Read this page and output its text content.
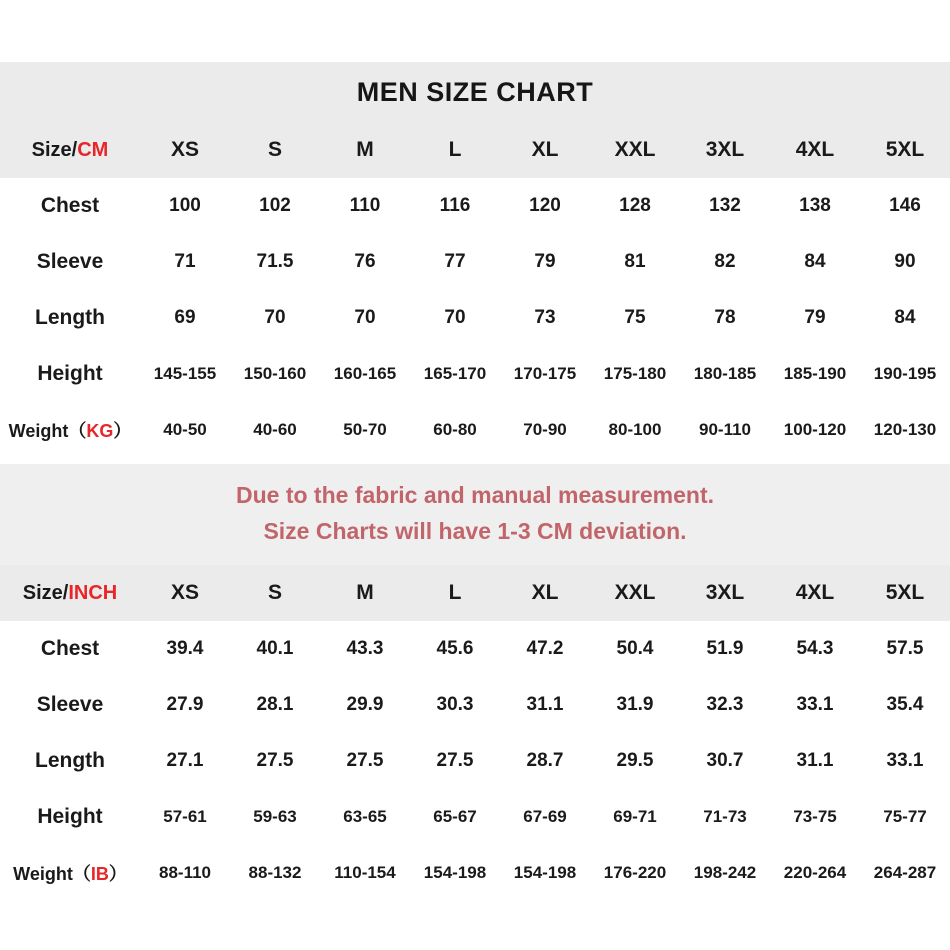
MEN SIZE CHART
Size/CM	XS	S	M	L	XL	XXL	3XL	4XL	5XL
Chest	100	102	110	116	120	128	132	138	146
Sleeve	71	71.5	76	77	79	81	82	84	90
Length	69	70	70	70	73	75	78	79	84
Height	145-155	150-160	160-165	165-170	170-175	175-180	180-185	185-190	190-195
Weight（KG）	40-50	40-60	50-70	60-80	70-90	80-100	90-110	100-120	120-130
Due to the fabric and manual measurement.
Size Charts will have 1-3 CM deviation.
Size/INCH	XS	S	M	L	XL	XXL	3XL	4XL	5XL
Chest	39.4	40.1	43.3	45.6	47.2	50.4	51.9	54.3	57.5
Sleeve	27.9	28.1	29.9	30.3	31.1	31.9	32.3	33.1	35.4
Length	27.1	27.5	27.5	27.5	28.7	29.5	30.7	31.1	33.1
Height	57-61	59-63	63-65	65-67	67-69	69-71	71-73	73-75	75-77
Weight（IB）	88-110	88-132	110-154	154-198	154-198	176-220	198-242	220-264	264-287
